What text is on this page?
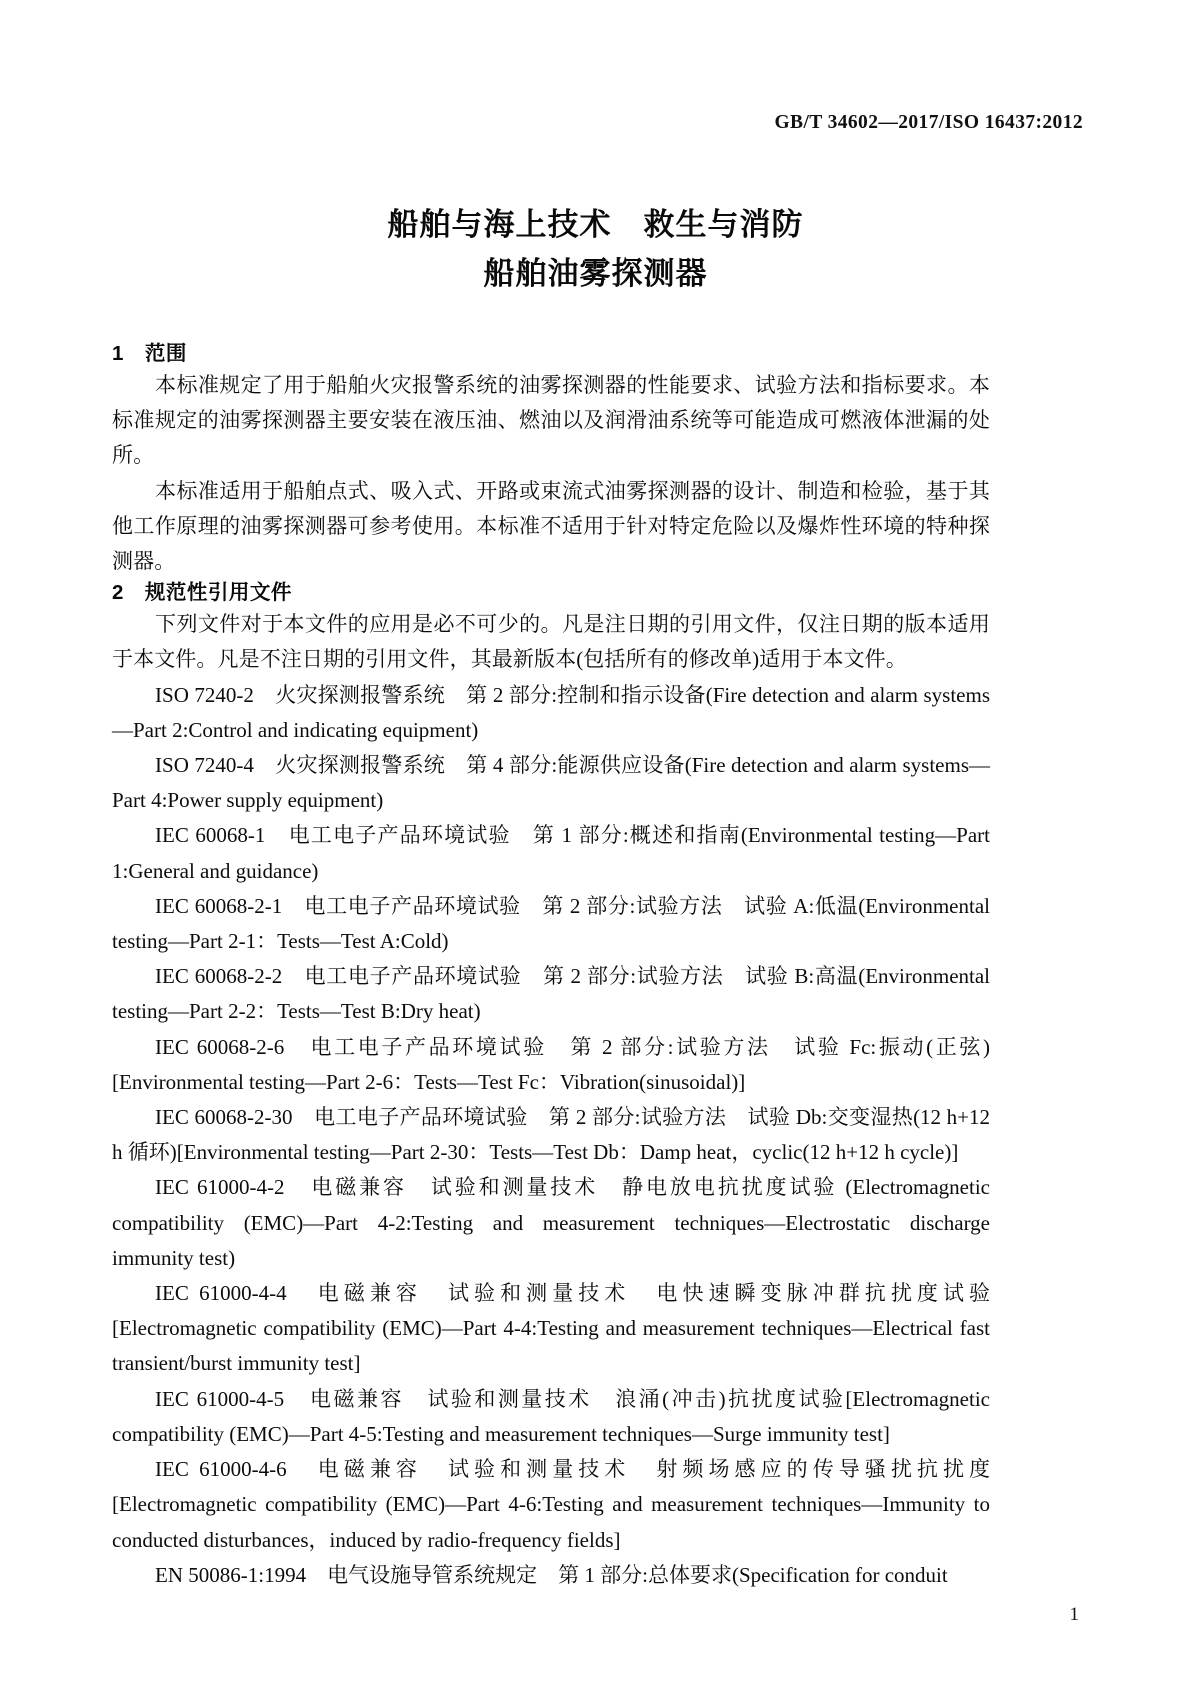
GB/T 34602—2017/ISO 16437:2012
船舶与海上技术　救生与消防
船舶油雾探测器
1　范围

本标准规定了用于船舶火灾报警系统的油雾探测器的性能要求、试验方法和指标要求。本标准规定的油雾探测器主要安装在液压油、燃油以及润滑油系统等可能造成可燃液体泄漏的处所。

本标准适用于船舶点式、吸入式、开路或束流式油雾探测器的设计、制造和检验，基于其他工作原理的油雾探测器可参考使用。本标准不适用于针对特定危险以及爆炸性环境的特种探测器。

2　规范性引用文件

下列文件对于本文件的应用是必不可少的。凡是注日期的引用文件，仅注日期的版本适用于本文件。凡是不注日期的引用文件，其最新版本(包括所有的修改单)适用于本文件。

ISO 7240-2　火灾探测报警系统　第 2 部分:控制和指示设备(Fire detection and alarm systems—Part 2:Control and indicating equipment)

ISO 7240-4　火灾探测报警系统　第 4 部分:能源供应设备(Fire detection and alarm systems—Part 4:Power supply equipment)

IEC 60068-1　电工电子产品环境试验　第 1 部分:概述和指南(Environmental testing—Part 1:General and guidance)

IEC 60068-2-1　电工电子产品环境试验　第 2 部分:试验方法　试验 A:低温(Environmental testing—Part 2-1：Tests—Test A:Cold)

IEC 60068-2-2　电工电子产品环境试验　第 2 部分:试验方法　试验 B:高温(Environmental testing—Part 2-2：Tests—Test B:Dry heat)

IEC 60068-2-6　电工电子产品环境试验　第 2 部分:试验方法　试验 Fc:振动(正弦)[Environmental testing—Part 2-6：Tests—Test Fc：Vibration(sinusoidal)]

IEC 60068-2-30　电工电子产品环境试验　第 2 部分:试验方法　试验 Db:交变湿热(12 h+12 h 循环)[Environmental testing—Part 2-30：Tests—Test Db：Damp heat，cyclic(12 h+12 h cycle)]

IEC 61000-4-2　电磁兼容　试验和测量技术　静电放电抗扰度试验 (Electromagnetic compatibility (EMC)—Part 4-2:Testing and measurement techniques—Electrostatic discharge immunity test)

IEC 61000-4-4　电磁兼容　试验和测量技术　电快速瞬变脉冲群抗扰度试验[Electromagnetic compatibility (EMC)—Part 4-4:Testing and measurement techniques—Electrical fast transient/burst immunity test]

IEC 61000-4-5　电磁兼容　试验和测量技术　浪涌(冲击)抗扰度试验[Electromagnetic compatibility (EMC)—Part 4-5:Testing and measurement techniques—Surge immunity test]

IEC 61000-4-6　电磁兼容　试验和测量技术　射频场感应的传导骚扰抗扰度[Electromagnetic compatibility (EMC)—Part 4-6:Testing and measurement techniques—Immunity to conducted disturbances，induced by radio-frequency fields]

EN 50086-1:1994　电气设施导管系统规定　第 1 部分:总体要求(Specification for conduit

1
